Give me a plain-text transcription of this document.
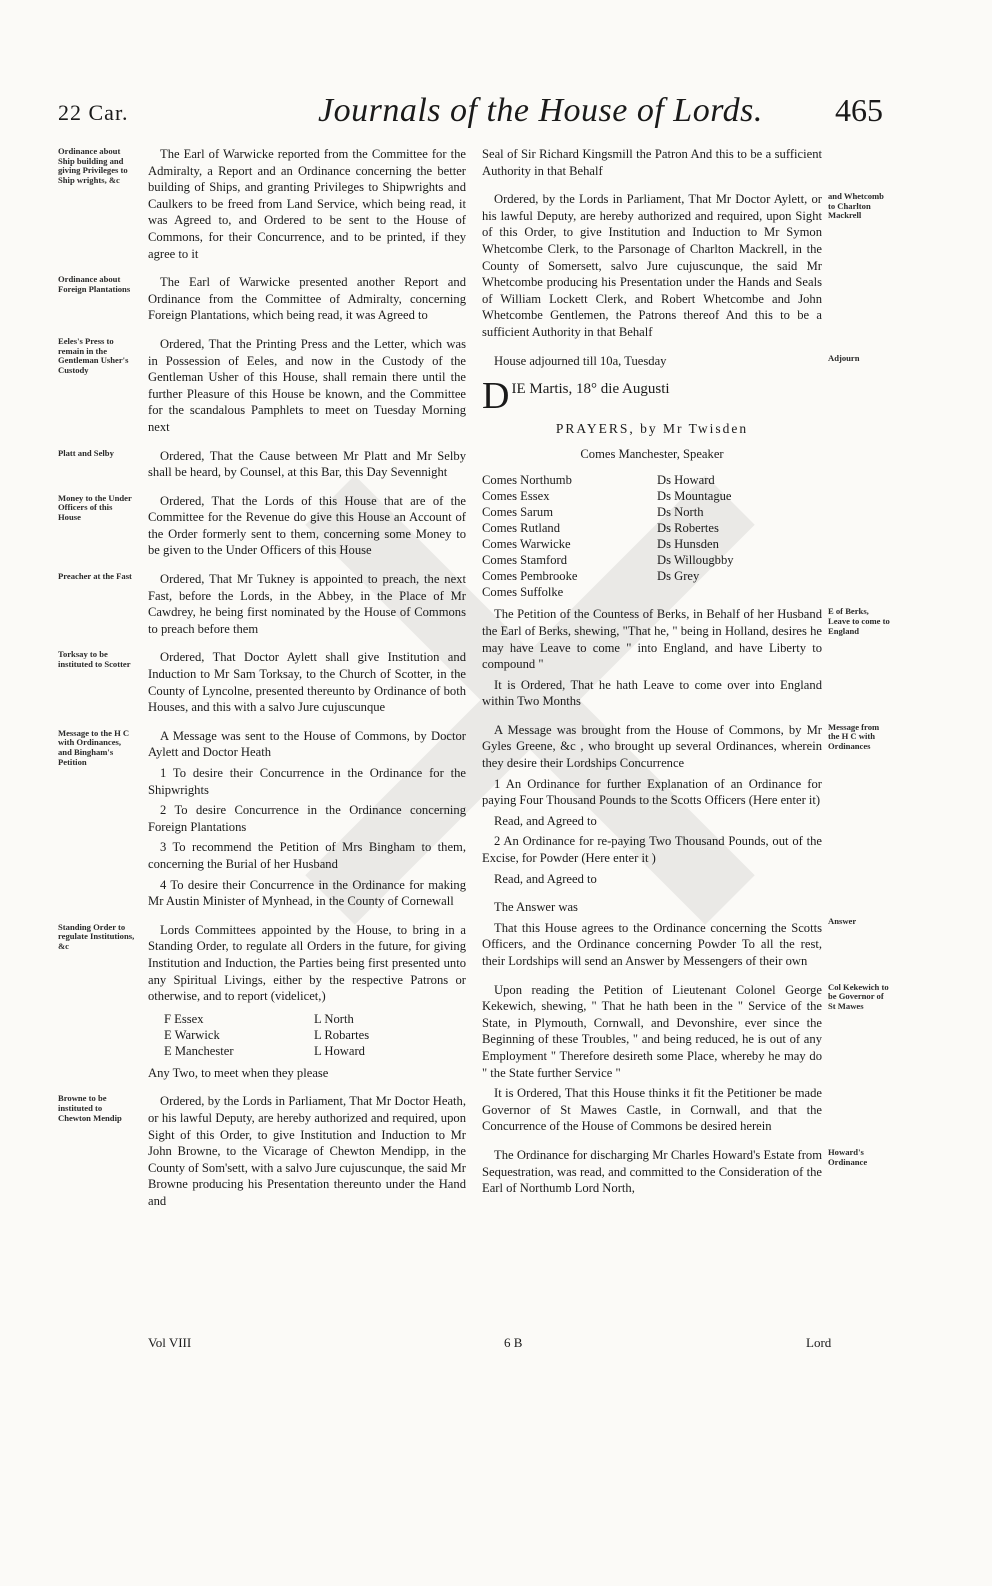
22 Car.	Journals of the House of Lords. 465
Ordinance about Ship building and giving Privileges to Ship wrights, &c

The Earl of Warwicke reported from the Committee for the Admiralty, a Report and an Ordinance concerning the better building of Ships, and granting Privileges to Shipwrights and Caulkers to be freed from Land Service, which being read, it was Agreed to, and Ordered to be sent to the House of Commons, for their Concurrence, and to be printed, if they agree to it

Ordinance about Foreign Plantations	The Earl of Warwicke presented another Report and Ordinance from the Committee of Admiralty, concerning Foreign Plantations, which being read, it was Agreed to

Eeles's Press to remain in the Gentleman Usher's Custody

Ordered, That the Printing Press and the Letter, which was in Possession of Eeles, and now in the Custody of the Gentleman Usher of this House, shall remain there until the further Pleasure of this House be known, and the Committee for the scandalous Pamphlets to meet on Tuesday Morning next

Platt and Selby	Ordered, That the Cause between Mr Platt and Mr Selby shall be heard, by Counsel, at this Bar, this Day Sevennight

Money to the Under Officers of this House

Ordered, That the Lords of this House that are of the Committee for the Revenue do give this House an Account of the Order formerly sent to them, concerning some Money to be given to the Under Officers of this House

Preacher at the Fast	Ordered, That Mr Tukney is appointed to preach, the next Fast, before the Lords, in the Abbey, in the Place of Mr Cawdrey, he being first nominated by the House of Commons to preach before them

Torksay to be instituted to Scotter	Ordered, That Doctor Aylett shall give Institution and Induction to Mr Sam Torksay, to the Church of Scotter, in the County of Lyncolne, presented thereunto by Ordinance of both Houses, and this with a salvo Jure cujuscunque

Message to the H C with Ordinances, and Bingham's Petition

A Message was sent to the House of Commons, by Doctor Aylett and Doctor Heath

1 To desire their Concurrence in the Ordinance for the Shipwrights

2 To desire Concurrence in the Ordinance concerning Foreign Plantations

3 To recommend the Petition of Mrs Bingham to them, concerning the Burial of her Husband

4 To desire their Concurrence in the Ordinance for making Mr Austin Minister of Mynhead, in the County of Cornewall

Standing Order to regulate Institutions, &c

Lords Committees appointed by the House, to bring in a Standing Order, to regulate all Orders in the future, for giving Institution and Induction, the Parties being first presented unto any Spiritual Livings, either by the respective Patrons or otherwise, and to report (videlicet,)

F Essex	L North
E Warwick	L Robartes
E Manchester	L Howard

Any Two, to meet when they please

Browne to be instituted to Chewton Mendip

Ordered, by the Lords in Parliament, That Mr Doctor Heath, or his lawful Deputy, are hereby authorized and required, upon Sight of this Order, to give Institution and Induction to Mr John Browne, to the Vicarage of Chewton Mendipp, in the County of Som'sett, with a salvo Jure cujuscunque, the said Mr Browne producing his Presentation thereunto under the Hand and

Seal of Sir Richard Kingsmill the Patron And this to be a sufficient Authority in that Behalf

and Whetcomb to Charlton Mackrell

Ordered, by the Lords in Parliament, That Mr Doctor Aylett, or his lawful Deputy, are hereby authorized and required, upon Sight of this Order, to give Institution and Induction to Mr Symon Whetcombe Clerk, to the Parsonage of Charlton Mackrell, in the County of Somersett, salvo Jure cujuscunque, the said Mr Whetcombe producing his Presentation under the Hands and Seals of William Lockett Clerk, and Robert Whetcombe and John Whetcombe Gentlemen, the Patrons thereof And this to be a sufficient Authority in that Behalf

Adjourn

House adjourned till 10a, Tuesday

D IE Martis, 18° die Augusti
PRAYERS, by Mr Twisden
Comes Manchester, Speaker
Comes Northumb	Ds Howard
Comes Essex	Ds Mountague
Comes Sarum	Ds North
Comes Rutland	Ds Robertes
Comes Warwicke	Ds Hunsden
Comes Stamford	Ds Willougbby
Comes Pembrooke	Ds Grey
Comes Suffolke
E of Berks, Leave to come to England

The Petition of the Countess of Berks, in Behalf of her Husband the Earl of Berks, shewing, "That he, " being in Holland, desires he may have Leave to come " into England, and have Liberty to compound "

It is Ordered, That he hath Leave to come over into England within Two Months

Message from the H C with Ordinances

A Message was brought from the House of Commons, by Mr Gyles Greene, &c , who brought up several Ordinances, wherein they desire their Lordships Concurrence

1 An Ordinance for further Explanation of an Ordinance for paying Four Thousand Pounds to the Scotts Officers (Here enter it)

Read, and Agreed to

2 An Ordinance for re-paying Two Thousand Pounds, out of the Excise, for Powder (Here enter it )

Read, and Agreed to

Answer

The Answer was

That this House agrees to the Ordinance concerning the Scotts Officers, and the Ordinance concerning Powder To all the rest, their Lordships will send an Answer by Messengers of their own

Col Kekewich to be Governor of St Mawes

Upon reading the Petition of Lieutenant Colonel George Kekewich, shewing, " That he hath been in the " Service of the State, in Plymouth, Cornwall, and Devonshire, ever since the Beginning of these Troubles, " and being reduced, he is out of any Employment " Therefore desireth some Place, whereby he may do " the State further Service "

It is Ordered, That this House thinks it fit the Petitioner be made Governor of St Mawes Castle, in Cornwall, and that the Concurrence of the House of Commons be desired herein

Howard's Ordinance

The Ordinance for discharging Mr Charles Howard's Estate from Sequestration, was read, and committed to the Consideration of the Earl of Northumb Lord North,

Vol VIII	6 B	Lord
